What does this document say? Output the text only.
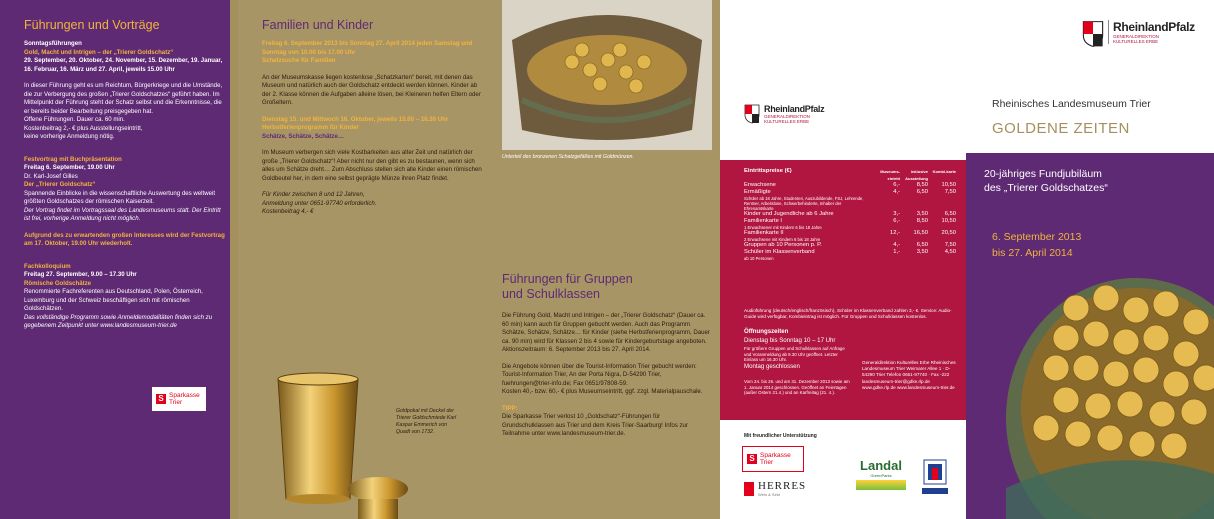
Führungen und Vorträge

Sonntagsführungen

Gold, Macht und Intrigen – der „Trierer Goldschatz“

29. September, 20. Oktober, 24. November, 15. Dezember, 19. Januar, 16. Februar, 16. März und 27. April, jeweils 15.00 Uhr

In dieser Führung geht es um Reichtum, Bürgerkriege und die Umstände, die zur Verbergung des großen „Trierer Goldschatzes“ geführt haben. Im Mittelpunkt der Führung steht der Schatz selbst und die Erkenntnisse, die er bereits beider Bearbeitung preisgegeben hat.

Offene Führungen. Dauer ca. 60 min.

Kostenbeitrag 2,- € plus Ausstellungseintritt,

keine vorherige Anmeldung nötig.

Festvortrag mit Buchpräsentation

Freitag 6. September, 19.00 Uhr

Dr. Karl-Josef Gilles

Der „Trierer Goldschatz“

Spannende Einblicke in die wissenschaftliche Auswertung des weltweit größten Goldschatzes der römischen Kaiserzeit.

Der Vortrag findet im Vortragssaal des Landesmuseums statt. Der Eintritt ist frei, vorherige Anmeldung nicht möglich.

Aufgrund des zu erwartenden großen Interesses wird der Festvortrag am 17. Oktober, 19.00 Uhr wiederholt.

Fachkolloquium

Freitag 27. September, 9.00 – 17.30 Uhr

Römische Goldschätze

Renommierte Fachreferenten aus Deutschland, Polen, Österreich, Luxemburg und der Schweiz beschäftigen sich mit römischen Goldschätzen.

Das vollständige Programm sowie Anmeldemodalitäten finden sich zu gegebenem Zeitpunkt unter www.landesmuseum-trier.de

S Sparkasse
Trier
Familien und Kinder

Freitag 6. September 2013 bis Sonntag 27. April 2014 jeden Samstag und Sonntag von 10.00 bis 17.00 Uhr

Schatzsuche für Familien

An der Museumskasse liegen kostenlose „Schatzkarten“ bereit, mit denen das Museum und natürlich auch der Goldschatz entdeckt werden können. Kinder ab der 2. Klasse können die Aufgaben alleine lösen, bei Kleineren helfen Eltern oder Großeltern.

Dienstag 15. und Mittwoch 16. Oktober, jeweils 15.00 – 16.30 Uhr

Herbstferienprogramm für Kinder

Schätze, Schätze, Schätze…

Im Museum verbergen sich viele Kostbarkeiten aus alter Zeit und natürlich der große „Trierer Goldschatz“! Aber nicht nur den gibt es zu bestaunen, wenn sich alles um Schätze dreht… Zum Abschluss stellen sich alle Kinder einen römischen Goldbeutel her, in dem eine selbst geprägte Münze ihren Platz findet.

Für Kinder zwischen 8 und 12 Jahren,

Anmeldung unter 0651-97740 erforderlich.

Kostenbeitrag 4,- €

Goldpokal mit Deckel der Trierer Goldschmiede Karl Kaspar Emmerich von Quadt von 1732.
Unterteil des bronzenen Schatzgefäßes mit Goldmünzen.
Führungen für Gruppen
und Schulklassen

Die Führung Gold, Macht und Intrigen – der „Trierer Goldschatz“ (Dauer ca. 60 min) kann auch für Gruppen gebucht werden. Auch das Programm Schätze, Schätze, Schätze… für Kinder (siehe Herbstferienprogramm, Dauer ca. 90 min) wird für Klassen 2 bis 4 sowie für Kindergeburtstage angeboten. Aktionszeitraum: 6. September 2013 bis 27. April 2014.

Die Angebote können über die Tourist-Information Trier gebucht werden:

Tourist-Information Trier, An der Porta Nigra, D-54290 Trier, fuehrungen@trier-info.de; Fax 0651/97808-59.

Kosten 40,- bzw. 60,- € plus Museumseintritt, ggf. zzgl. Materialpauschale.

TIPP:

Die Sparkasse Trier verlost 10 „Goldschatz“-Führungen für Grundschulklassen aus Trier und dem Kreis Trier-Saarburg! Infos zur Teilnahme unter www.landesmuseum-trier.de.

RheinlandPfalz
GENERALDIREKTION
KULTURELLES ERBE
Eintrittspreise (€)	Museums-eintritt
inklusive Ausstellung
Kombi-karte
Erwachsene	6,-	8,50	10,50
Ermäßigte	4,-	6,50	7,50
Schüler ab 18 Jahre, Studenten, Auszubildende, FSJ, Lehrende, Rentner, Arbeitslose, Schwerbehinderte, Inhaber der Ehrenamtskarte
Kinder und Jugendliche ab 6 Jahre	3,-	3,50	6,50
Familienkarte I	6,-	8,50	10,50
1 Erwachsener mit Kindern 6 bis 18 Jahre
Familienkarte II	12,-	16,50	20,50
2 Erwachsene mit Kindern 6 bis 18 Jahre
Gruppen ab 10 Personen p. P.	4,-	6,50	7,50
Schüler im Klassenverband	1,-	3,50	4,50
ab 10 Personen

Audioführung (deutsch/englisch/französisch), Schüler im Klassenverband zahlen 3,- €. Service: Audio-Guide wird verfügbar, Kombieintrag ist möglich. Für Gruppen und Schulklassen kostenlos.

Öffnungszeiten

Dienstag bis Sonntag 10 – 17 Uhr

Für größere Gruppen und Schulklassen auf Anfrage und Voranmeldung ab 9.30 Uhr geöffnet. Letzter Einlass um 16.30 Uhr.

Montag geschlossen

Vom 24. bis 26. und am 31. Dezember 2013 sowie am 1. Januar 2014 geschlossen. Geöffnet an Feiertagen (außer Ostern 21.4.) und an Karfreitag (21. 4.).

Generaldirektion Kulturelles Erbe Rheinisches Landesmuseum Trier Weimarer Allee 1 · D-54290 Trier Telefon 0651-97740 · Fax -222 landesmuseum-trier@gdke.rlp.de www.gdke.rlp.de www.landesmuseum-trier.de

Mit freundlicher Unterstützung

S Sparkasse
Trier
HERRES
Wein & Sekt
Landal
GreenParks
RheinlandPfalz
GENERALDIREKTION
KULTURELLES ERBE
Rheinisches Landesmuseum Trier
GOLDENE ZEITEN
20-jähriges Fundjubiläum
des „Trierer Goldschatzes“
6. September 2013
bis 27. April 2014
